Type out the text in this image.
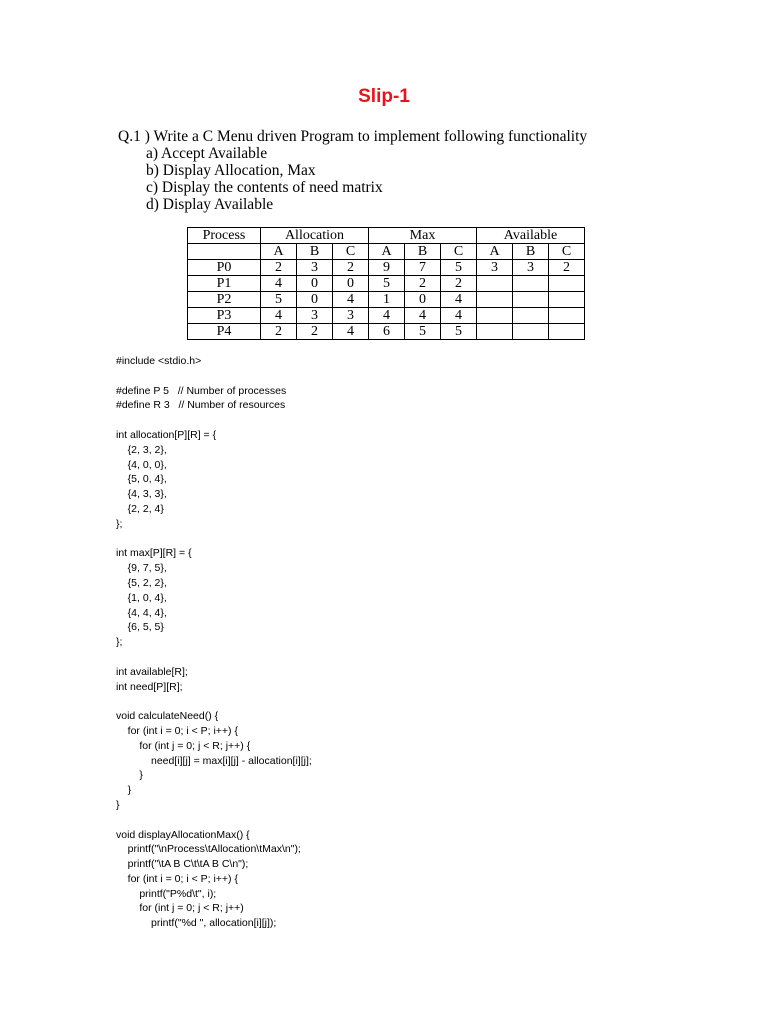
Slip-1
Q.1 ) Write a C Menu driven Program to implement following functionality
a) Accept Available
b) Display Allocation, Max
c) Display the contents of need matrix
d) Display Available
Process	Allocation			Max			Available		
	A	B	C	A	B	C	A	B	C
P0	2	3	2	9	7	5	3	3	2
P1	4	0	0	5	2	2			
P2	5	0	4	1	0	4			
P3	4	3	3	4	4	4			
P4	2	2	4	6	5	5			
#include <stdio.h>
#define P 5   // Number of processes
#define R 3   // Number of resources
int allocation[P][R] = {
{2, 3, 2},
{4, 0, 0},
{5, 0, 4},
{4, 3, 3},
{2, 2, 4}
};
int max[P][R] = {
{9, 7, 5},
{5, 2, 2},
{1, 0, 4},
{4, 4, 4},
{6, 5, 5}
};
int available[R];
int need[P][R];
void calculateNeed() {
for (int i = 0; i < P; i++) {
for (int j = 0; j < R; j++) {
need[i][j] = max[i][j] - allocation[i][j];
}
}
}
void displayAllocationMax() {
printf("\nProcess\tAllocation\tMax\n");
printf("\tA B C\t\tA B C\n");
for (int i = 0; i < P; i++) {
printf("P%d\t", i);
for (int j = 0; j < R; j++)
printf("%d ", allocation[i][j]);
